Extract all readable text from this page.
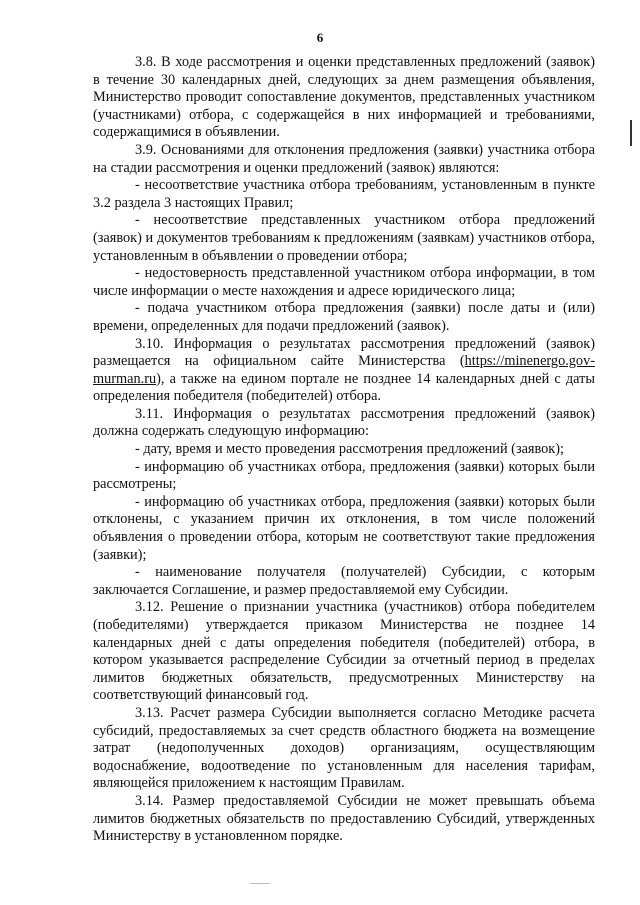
6

3.8. В ходе рассмотрения и оценки представленных предложений (заявок) в течение 30 календарных дней, следующих за днем размещения объявления, Министерство проводит сопоставление документов, представленных участником (участниками) отбора, с содержащейся в них информацией и требованиями, содержащимися в объявлении.

3.9. Основаниями для отклонения предложения (заявки) участника отбора на стадии рассмотрения и оценки предложений (заявок) являются:

- несоответствие участника отбора требованиям, установленным в пункте 3.2 раздела 3 настоящих Правил;

- несоответствие представленных участником отбора предложений (заявок) и документов требованиям к предложениям (заявкам) участников отбора, установленным в объявлении о проведении отбора;

- недостоверность представленной участником отбора информации, в том числе информации о месте нахождения и адресе юридического лица;

- подача участником отбора предложения (заявки) после даты и (или) времени, определенных для подачи предложений (заявок).

3.10. Информация о результатах рассмотрения предложений (заявок) размещается на официальном сайте Министерства (https://minenergo.gov-murman.ru), а также на едином портале не позднее 14 календарных дней с даты определения победителя (победителей) отбора.

3.11. Информация о результатах рассмотрения предложений (заявок) должна содержать следующую информацию:

- дату, время и место проведения рассмотрения предложений (заявок);

- информацию об участниках отбора, предложения (заявки) которых были рассмотрены;

- информацию об участниках отбора, предложения (заявки) которых были отклонены, с указанием причин их отклонения, в том числе положений объявления о проведении отбора, которым не соответствуют такие предложения (заявки);

- наименование получателя (получателей) Субсидии, с которым заключается Соглашение, и размер предоставляемой ему Субсидии.

3.12. Решение о признании участника (участников) отбора победителем (победителями) утверждается приказом Министерства не позднее 14 календарных дней с даты определения победителя (победителей) отбора, в котором указывается распределение Субсидии за отчетный период в пределах лимитов бюджетных обязательств, предусмотренных Министерству на соответствующий финансовый год.

3.13. Расчет размера Субсидии выполняется согласно Методике расчета субсидий, предоставляемых за счет средств областного бюджета на возмещение затрат (недополученных доходов) организациям, осуществляющим водоснабжение, водоотведение по установленным для населения тарифам, являющейся приложением к настоящим Правилам.

3.14. Размер предоставляемой Субсидии не может превышать объема лимитов бюджетных обязательств по предоставлению Субсидий, утвержденных Министерству в установленном порядке.
